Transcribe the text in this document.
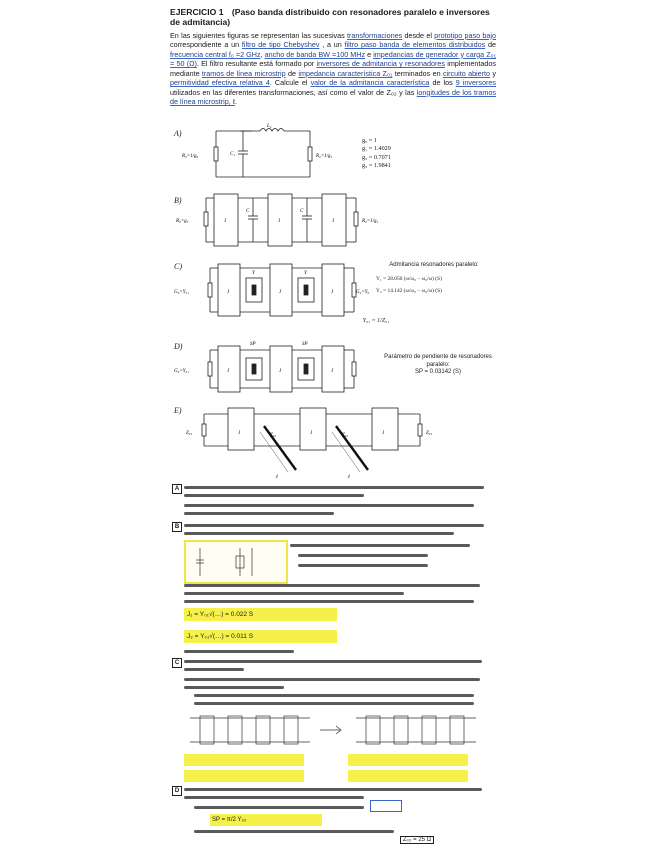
EJERCICIO 1 (Paso banda distribuido con resonadores paralelo e inversores de admitancia)

En las siguientes figuras se representan las sucesivas transformaciones desde el prototipo paso bajo correspondiente a un filtro de tipo Chebyshev , a un filtro paso banda de elementos distribuidos de frecuencia central f₀ =2 GHz, ancho de banda BW =100 MHz e impedancias de generador y carga Z₀₁ = 50 (Ω). El filtro resultante está formado por inversores de admitancia y resonadores implementados mediante tramos de línea microstrip de impedancia característica Z₀₁ terminados en circuito abierto y permitividad efectiva relativa 4. Calcule el valor de la admitancia característica de los 9 inversores utilizados en las diferentes transformaciones, así como el valor de Z₀₂ y las longitudes de los tramos de línea microstrip, ℓ.

A)
R₀=1/g₀	C₁
L₂
R₀=1/g₃
g₀ = 1
g₁ = 1.4029
g₂ = 0.7071
g₃ = 1.9841
B)
R₀=g₀	J
C
J
C
J	R₀=1/g₃
C)
G₀=Y₀₁	J
Y
J
Y
J	G₀=Y₀₁
Admitancia resonadores paralelo:
Y₁ = 28.050 (ω/ω₀ − ω₀/ω) (S)
Y₂ = 14.142 (ω/ω₀ − ω₀/ω) (S)
Y₀₁ = 1/Z₀₁
D)
G₀=Y₀₁	J
SP
J
SP
J
Parámetro de pendiente de resonadores paralelo:
SP = 0.03142 (S)
E)
Z₀₁	J	Z₀₂	J	Z₀₂	J	Z₀₁
ℓ	ℓ
A
B
J₁ = Y₀₁√(…) = 0.022 S
J₂ = Y₀₁√(…) = 0.011 S
C
D
SP = π/2 Y₀₂
Z₀₂ = 25 Ω
